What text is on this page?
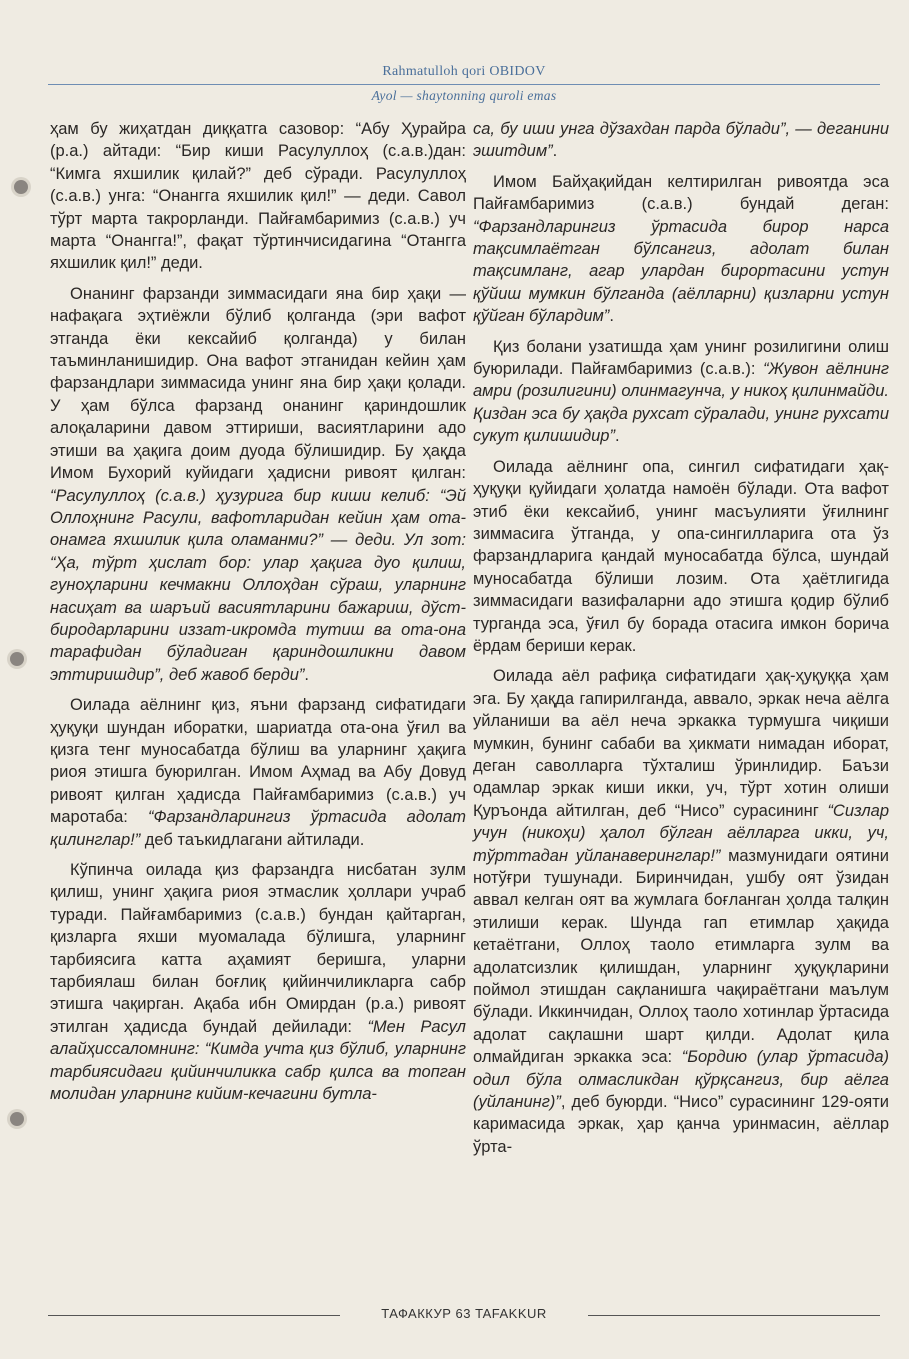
Rahmatulloh qori OBIDOV
Ayol — shaytonning quroli emas

ҳам бу жиҳатдан диққатга сазовор: “Абу Ҳурайра (р.а.) айтади: “Бир киши Расулуллоҳ (с.а.в.)дан: “Кимга яхшилик қилай?” деб сўради. Расулуллоҳ (с.а.в.) унга: “Онангга яхшилик қил!” — деди. Савол тўрт марта такрорланди. Пайғамбаримиз (с.а.в.) уч марта “Онангга!”, фақат тўртинчисидагина “Отангга яхшилик қил!” деди.

Онанинг фарзанди зиммасидаги яна бир ҳақи — нафақага эҳтиёжли бўлиб қолганда (эри вафот этганда ёки кексайиб қолганда) у билан таъминланишидир. Она вафот этганидан кейин ҳам фарзандлари зиммасида унинг яна бир ҳақи қолади. У ҳам бўлса фарзанд онанинг қариндошлик алоқаларини давом эттириши, васиятларини адо этиши ва ҳақига доим дуода бўлишидир. Бу ҳақда Имом Бухорий куйидаги ҳадисни ривоят қилган: “Расулуллоҳ (с.а.в.) ҳузурига бир киши келиб: “Эй Оллоҳнинг Расули, вафотларидан кейин ҳам ота-онамга яхшилик қила оламанми?” — деди. Ул зот: “Ҳа, тўрт ҳислат бор: улар ҳақига дуо қилиш, гуноҳларини кечмакни Оллоҳдан сўраш, уларнинг насиҳат ва шаръий васиятларини бажариш, дўст-биродарларини иззат-икромда тутиш ва ота-она тарафидан бўладиган қариндошликни давом эттиришдир”, деб жавоб берди”.

Оилада аёлнинг қиз, яъни фарзанд сифатидаги ҳуқуқи шундан иборатки, шариатда ота-она ўғил ва қизга тенг муносабатда бўлиш ва уларнинг ҳақига риоя этишга буюрилган. Имом Аҳмад ва Абу Довуд ривоят қилган ҳадисда Пайғамбаримиз (с.а.в.) уч маротаба: “Фарзандларингиз ўртасида адолат қилинглар!” деб таъкидлагани айтилади.

Кўпинча оилада қиз фарзандга нисбатан зулм қилиш, унинг ҳақига риоя этмаслик ҳоллари учраб туради. Пайғамбаримиз (с.а.в.) бундан қайтарган, қизларга яхши муомалада бўлишга, уларнинг тарбиясига катта аҳамият беришга, уларни тарбиялаш билан боғлиқ қийинчиликларга сабр этишга чақирган. Ақаба ибн Омирдан (р.а.) ривоят этилган ҳадисда бундай дейилади: “Мен Расул алайҳиссаломнинг: “Кимда учта қиз бўлиб, уларнинг тарбиясидаги қийинчиликка сабр қилса ва топган молидан уларнинг кийим-кечагини бутла-

са, бу иши унга дўзахдан парда бўлади”, — деганини эшитдим”.

Имом Байҳақийдан келтирилган ривоятда эса Пайғамбаримиз (с.а.в.) бундай деган: “Фарзандларингиз ўртасида бирор нарса тақсимлаётган бўлсангиз, адолат билан тақсимланг, агар улардан бирортасини устун қўйиш мумкин бўлганда (аёлларни) қизларни устун қўйган бўлардим”.

Қиз болани узатишда ҳам унинг розилигини олиш буюрилади. Пайғамбаримиз (с.а.в.): “Жувон аёлнинг амри (розилигини) олинмагунча, у никоҳ қилинмайди. Қиздан эса бу ҳақда рухсат сўралади, унинг рухсати сукут қилишидир”.

Оилада аёлнинг опа, сингил сифатидаги ҳақ-ҳуқуқи қуйидаги ҳолатда намоён бўлади. Ота вафот этиб ёки кексайиб, унинг масъулияти ўғилнинг зиммасига ўтганда, у опа-сингилларига ота ўз фарзандларига қандай муносабатда бўлса, шундай муносабатда бўлиши лозим. Ота ҳаётлигида зиммасидаги вазифаларни адо этишга қодир бўлиб турганда эса, ўғил бу борада отасига имкон борича ёрдам бериши керак.

Оилада аёл рафиқа сифатидаги ҳақ-ҳуқуққа ҳам эга. Бу ҳақда гапирилганда, аввало, эркак неча аёлга уйланиши ва аёл неча эркакка турмушга чиқиши мумкин, бунинг сабаби ва ҳикмати нимадан иборат, деган саволларга тўхталиш ўринлидир. Баъзи одамлар эркак киши икки, уч, тўрт хотин олиши Қуръонда айтилган, деб “Нисо” сурасининг “Сизлар учун (никоҳи) ҳалол бўлган аёлларга икки, уч, тўрттадан уйланаверинглар!” мазмунидаги оятини нотўғри тушунади. Биринчидан, ушбу оят ўзидан аввал келган оят ва жумлага боғланган ҳолда талқин этилиши керак. Шунда гап етимлар ҳақида кетаётгани, Оллоҳ таоло етимларга зулм ва адолатсизлик қилишдан, уларнинг ҳуқуқларини поймол этишдан сақланишга чақираётгани маълум бўлади. Иккинчидан, Оллоҳ таоло хотинлар ўртасида адолат сақлашни шарт қилди. Адолат қила олмайдиган эркакка эса: “Бордию (улар ўртасида) одил бўла олмасликдан қўрқсангиз, бир аёлга (уйланинг)”, деб буюрди. “Нисо” сурасининг 129-ояти каримасида эркак, ҳар қанча уринмасин, аёллар ўрта-

ТАФАККУР 63 TAFAKKUR
